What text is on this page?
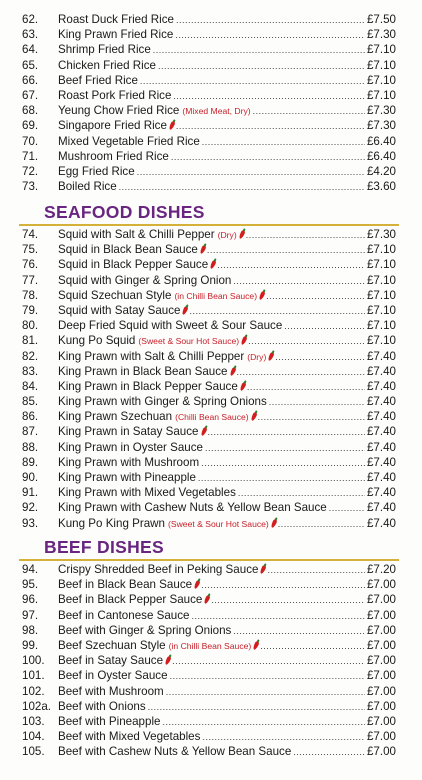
62.	Roast Duck Fried Rice .....	£7.50
63.	King Prawn Fried Rice .....	£7.30
64.	Shrimp Fried Rice .....	£7.10
65.	Chicken Fried Rice .....	£7.10
66.	Beef Fried Rice .....	£7.10
67.	Roast Pork Fried Rice .....	£7.10
68.	Yeung Chow Fried Rice (Mixed Meat, Dry) .....	£7.30
69.	Singapore Fried Rice .....	£7.30
70.	Mixed Vegetable Fried Rice .....	£6.40
71.	Mushroom Fried Rice .....	£6.40
72.	Egg Fried Rice .....	£4.20
73.	Boiled Rice .....	£3.60
SEAFOOD DISHES
74.	Squid with Salt & Chilli Pepper (Dry) .....	£7.30
75.	Squid in Black Bean Sauce .....	£7.10
76.	Squid in Black Pepper Sauce .....	£7.10
77.	Squid with Ginger & Spring Onion .....	£7.10
78.	Squid Szechuan Style (in Chilli Bean Sauce) .....	£7.10
79.	Squid with Satay Sauce .....	£7.10
80.	Deep Fried Squid with Sweet & Sour Sauce .....	£7.10
81.	Kung Po Squid (Sweet & Sour Hot Sauce) .....	£7.10
82.	King Prawn with Salt & Chilli Pepper (Dry) .....	£7.40
83.	King Prawn in Black Bean Sauce .....	£7.40
84.	King Prawn in Black Pepper Sauce .....	£7.40
85.	King Prawn with Ginger & Spring Onions .....	£7.40
86.	King Prawn Szechuan (Chilli Bean Sauce) .....	£7.40
87.	King Prawn in Satay Sauce .....	£7.40
88.	King Prawn in Oyster Sauce .....	£7.40
89.	King Prawn with Mushroom .....	£7.40
90.	King Prawn with Pineapple .....	£7.40
91.	King Prawn with Mixed Vegetables .....	£7.40
92.	King Prawn with Cashew Nuts & Yellow Bean Sauce .....	£7.40
93.	Kung Po King Prawn (Sweet & Sour Hot Sauce) .....	£7.40
BEEF DISHES
94.	Crispy Shredded Beef in Peking Sauce .....	£7.20
95.	Beef in Black Bean Sauce .....	£7.00
96.	Beef in Black Pepper Sauce .....	£7.00
97.	Beef in Cantonese Sauce .....	£7.00
98.	Beef with Ginger & Spring Onions .....	£7.00
99.	Beef Szechuan Style (in Chilli Bean Sauce) .....	£7.00
100.	Beef in Satay Sauce .....	£7.00
101.	Beef in Oyster Sauce .....	£7.00
102.	Beef with Mushroom .....	£7.00
102a. Beef with Onions .....	£7.00
103.	Beef with Pineapple .....	£7.00
104.	Beef with Mixed Vegetables .....	£7.00
105.	Beef with Cashew Nuts & Yellow Bean Sauce .....	£7.00
